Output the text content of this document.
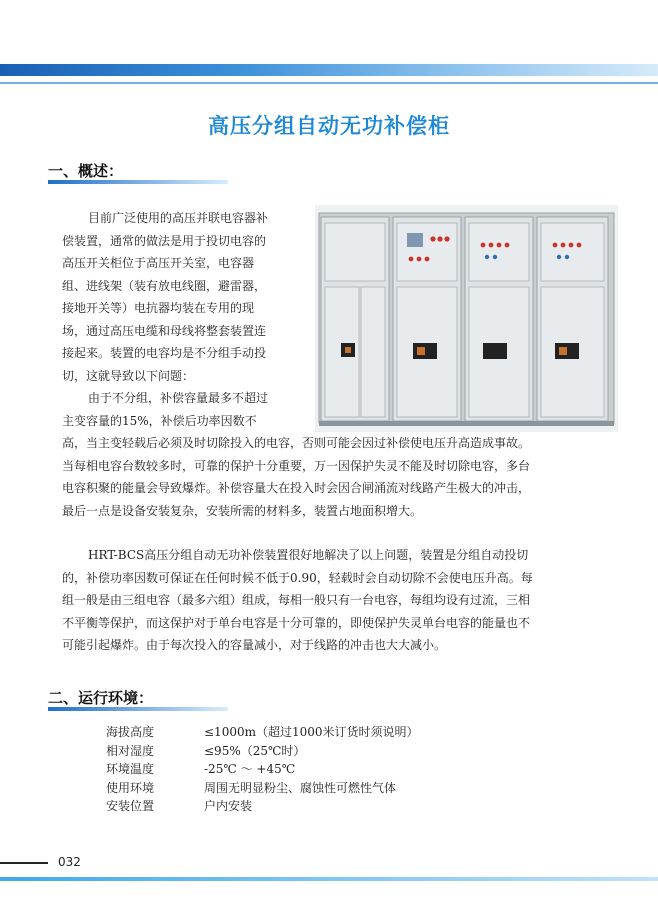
高压分组自动无功补偿柜
一、概述：

目前广泛使用的高压并联电容器补

偿装置，通常的做法是用于投切电容的

高压开关柜位于高压开关室，电容器

组、进线架（装有放电线圈，避雷器，

接地开关等）电抗器均装在专用的现

场，通过高压电缆和母线将整套装置连

接起来。装置的电容均是不分组手动投

切，这就导致以下问题：

由于不分组，补偿容量最多不超过

主变容量的15%，补偿后功率因数不

高，当主变轻载后必须及时切除投入的电容，否则可能会因过补偿使电压升高造成事故。

当每相电容台数较多时，可靠的保护十分重要，万一因保护失灵不能及时切除电容，多台

电容积聚的能量会导致爆炸。补偿容量大在投入时会因合闸涌流对线路产生极大的冲击，

最后一点是设备安装复杂，安装所需的材料多，装置占地面积增大。

HRT-BCS高压分组自动无功补偿装置很好地解决了以上问题，装置是分组自动投切

的，补偿功率因数可保证在任何时候不低于0.90，轻载时会自动切除不会使电压升高。每

组一般是由三组电容（最多六组）组成，每相一般只有一台电容，每组均设有过流，三相

不平衡等保护，而这保护对于单台电容是十分可靠的，即使保护失灵单台电容的能量也不

可能引起爆炸。由于每次投入的容量减小，对于线路的冲击也大大减小。

二、运行环境：
海拔高度	≤1000m（超过1000米订货时须说明）
相对湿度	≤95%（25℃时）
环境温度	-25℃ ～ +45℃
使用环境	周围无明显粉尘、腐蚀性可燃性气体
安装位置	户内安装
032
